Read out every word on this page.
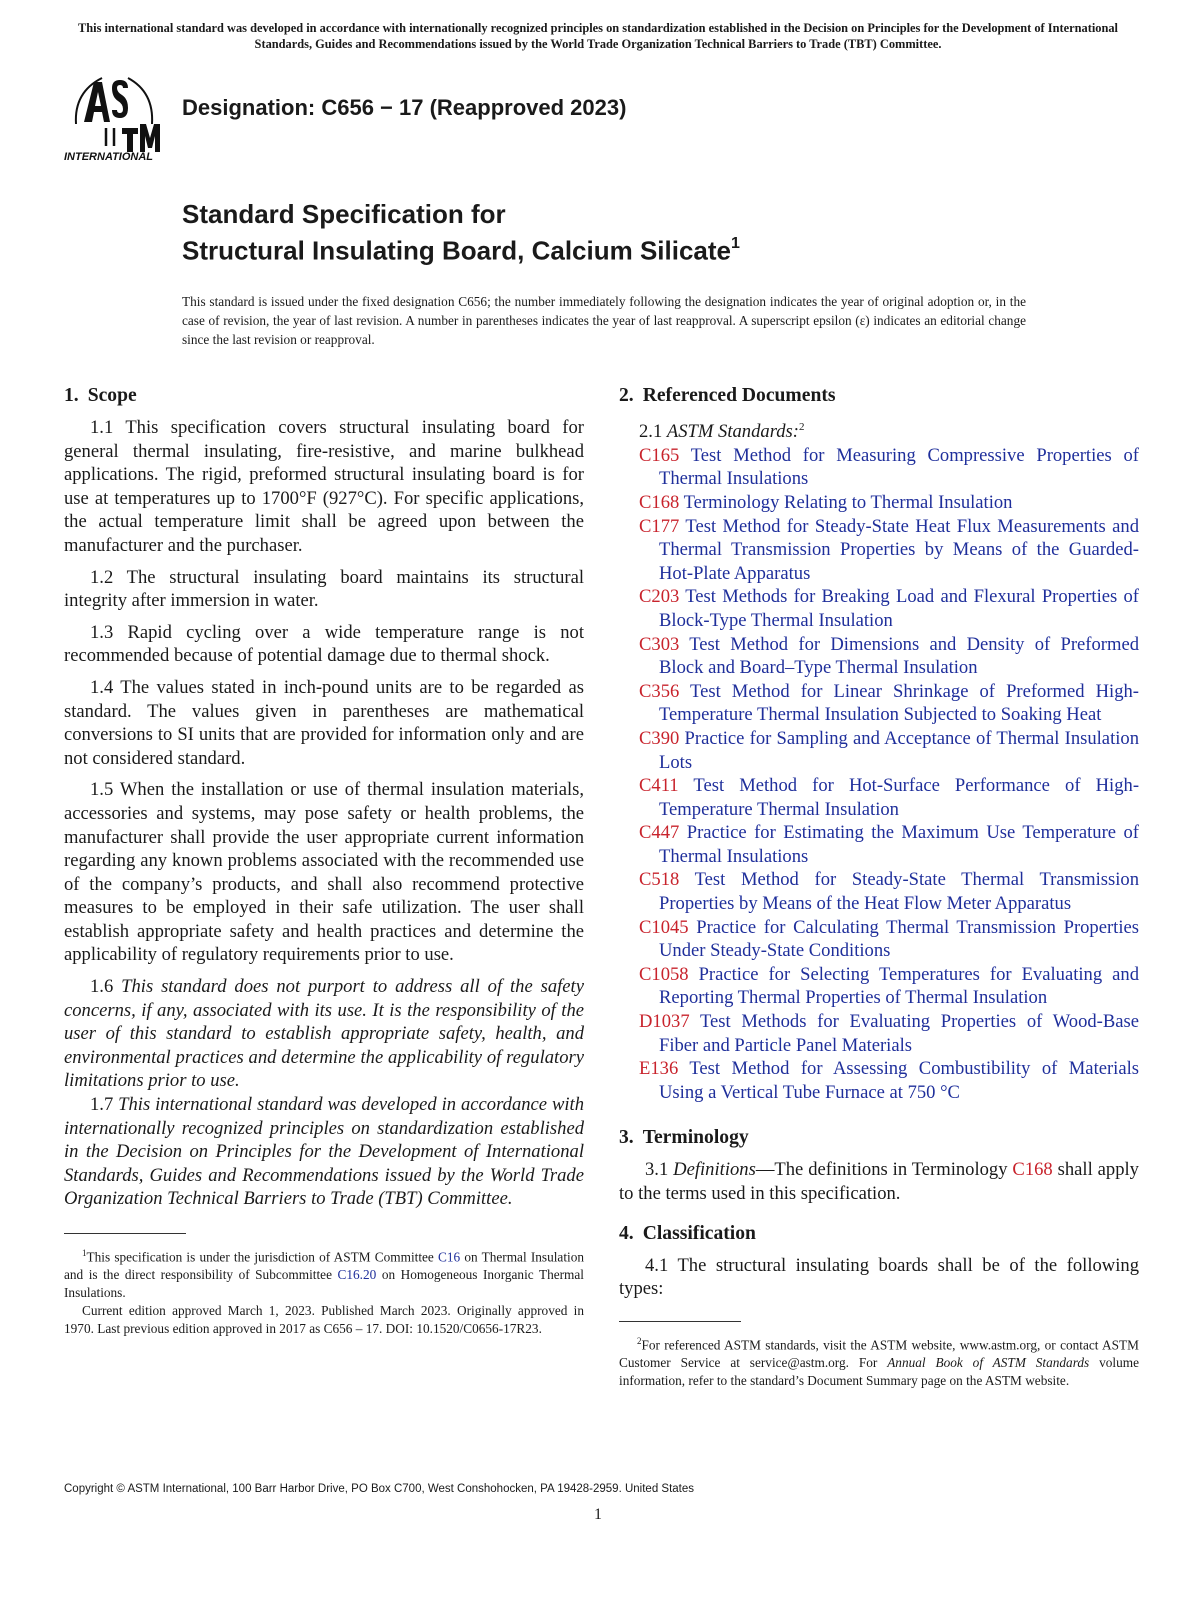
This international standard was developed in accordance with internationally recognized principles on standardization established in the Decision on Principles for the Development of International Standards, Guides and Recommendations issued by the World Trade Organization Technical Barriers to Trade (TBT) Committee.

INTERNATIONAL
Designation: C656 − 17 (Reapproved 2023)
Standard Specification for
Structural Insulating Board, Calcium Silicate$^1$

This standard is issued under the fixed designation C656; the number immediately following the designation indicates the year of original adoption or, in the case of revision, the year of last revision. A number in parentheses indicates the year of last reapproval. A superscript epsilon (ε) indicates an editorial change since the last revision or reapproval.

1. Scope

1.1 This specification covers structural insulating board for general thermal insulating, fire-resistive, and marine bulkhead applications. The rigid, preformed structural insulating board is for use at temperatures up to 1700°F (927°C). For specific applications, the actual temperature limit shall be agreed upon between the manufacturer and the purchaser.

1.2 The structural insulating board maintains its structural integrity after immersion in water.

1.3 Rapid cycling over a wide temperature range is not recommended because of potential damage due to thermal shock.

1.4 The values stated in inch-pound units are to be regarded as standard. The values given in parentheses are mathematical conversions to SI units that are provided for information only and are not considered standard.

1.5 When the installation or use of thermal insulation materials, accessories and systems, may pose safety or health problems, the manufacturer shall provide the user appropriate current information regarding any known problems associated with the recommended use of the company’s products, and shall also recommend protective measures to be employed in their safe utilization. The user shall establish appropriate safety and health practices and determine the applicability of regulatory requirements prior to use.

1.6 This standard does not purport to address all of the safety concerns, if any, associated with its use. It is the responsibility of the user of this standard to establish appropriate safety, health, and environmental practices and determine the applicability of regulatory limitations prior to use.

1.7 This international standard was developed in accordance with internationally recognized principles on standardization established in the Decision on Principles for the Development of International Standards, Guides and Recommendations issued by the World Trade Organization Technical Barriers to Trade (TBT) Committee.

$^1$This specification is under the jurisdiction of ASTM Committee C16 on Thermal Insulation and is the direct responsibility of Subcommittee C16.20 on Homogeneous Inorganic Thermal Insulations.

Current edition approved March 1, 2023. Published March 2023. Originally approved in 1970. Last previous edition approved in 2017 as C656 – 17. DOI: 10.1520/C0656-17R23.

2. Referenced Documents

2.1 ASTM Standards:$^2$

C165 Test Method for Measuring Compressive Properties of Thermal Insulations
C168 Terminology Relating to Thermal Insulation
C177 Test Method for Steady-State Heat Flux Measurements and Thermal Transmission Properties by Means of the Guarded-Hot-Plate Apparatus
C203 Test Methods for Breaking Load and Flexural Properties of Block-Type Thermal Insulation
C303 Test Method for Dimensions and Density of Preformed Block and Board–Type Thermal Insulation
C356 Test Method for Linear Shrinkage of Preformed High-Temperature Thermal Insulation Subjected to Soaking Heat
C390 Practice for Sampling and Acceptance of Thermal Insulation Lots
C411 Test Method for Hot-Surface Performance of High-Temperature Thermal Insulation
C447 Practice for Estimating the Maximum Use Temperature of Thermal Insulations
C518 Test Method for Steady-State Thermal Transmission Properties by Means of the Heat Flow Meter Apparatus
C1045 Practice for Calculating Thermal Transmission Properties Under Steady-State Conditions
C1058 Practice for Selecting Temperatures for Evaluating and Reporting Thermal Properties of Thermal Insulation
D1037 Test Methods for Evaluating Properties of Wood-Base Fiber and Particle Panel Materials
E136 Test Method for Assessing Combustibility of Materials Using a Vertical Tube Furnace at 750 °C
3. Terminology

3.1 Definitions—The definitions in Terminology C168 shall apply to the terms used in this specification.

4. Classification

4.1 The structural insulating boards shall be of the following types:

$^2$For referenced ASTM standards, visit the ASTM website, www.astm.org, or contact ASTM Customer Service at service@astm.org. For Annual Book of ASTM Standards volume information, refer to the standard’s Document Summary page on the ASTM website.

Copyright © ASTM International, 100 Barr Harbor Drive, PO Box C700, West Conshohocken, PA 19428-2959. United States

1
